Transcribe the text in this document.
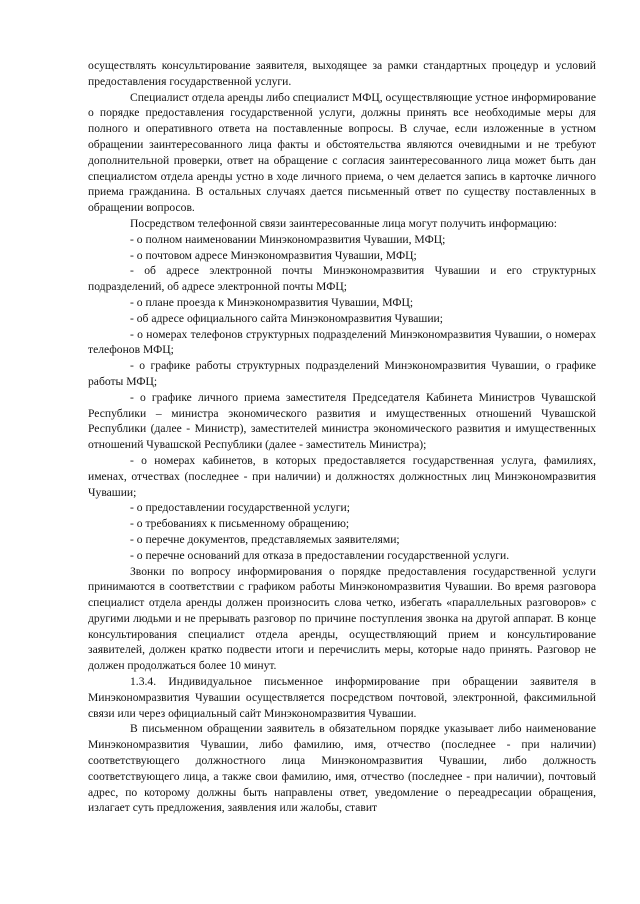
осуществлять консультирование заявителя, выходящее за рамки стандартных процедур и условий предоставления государственной услуги.

Специалист отдела аренды либо специалист МФЦ, осуществляющие устное информирование о порядке предоставления государственной услуги, должны принять все необходимые меры для полного и оперативного ответа на поставленные вопросы. В случае, если изложенные в устном обращении заинтересованного лица факты и обстоятельства являются очевидными и не требуют дополнительной проверки, ответ на обращение с согласия заинтересованного лица может быть дан специалистом отдела аренды устно в ходе личного приема, о чем делается запись в карточке личного приема гражданина. В остальных случаях дается письменный ответ по существу поставленных в обращении вопросов.

Посредством телефонной связи заинтересованные лица могут получить информацию:

- о полном наименовании Минэкономразвития Чувашии, МФЦ;

- о почтовом адресе Минэкономразвития Чувашии, МФЦ;

- об адресе электронной почты Минэкономразвития Чувашии и его структурных подразделений, об адресе электронной почты МФЦ;

- о плане проезда к Минэкономразвития Чувашии, МФЦ;

- об адресе официального сайта Минэкономразвития Чувашии;

- о номерах телефонов структурных подразделений Минэкономразвития Чувашии, о номерах телефонов МФЦ;

- о графике работы структурных подразделений Минэкономразвития Чувашии, о графике работы МФЦ;

- о графике личного приема заместителя Председателя Кабинета Министров Чувашской Республики – министра экономического развития и имущественных отношений Чувашской Республики (далее - Министр), заместителей министра экономического развития и имущественных отношений Чувашской Республики (далее - заместитель Министра);

- о номерах кабинетов, в которых предоставляется государственная услуга, фамилиях, именах, отчествах (последнее - при наличии) и должностях должностных лиц Минэкономразвития Чувашии;

- о предоставлении государственной услуги;

- о требованиях к письменному обращению;

- о перечне документов, представляемых заявителями;

- о перечне оснований для отказа в предоставлении государственной услуги.

Звонки по вопросу информирования о порядке предоставления государственной услуги принимаются в соответствии с графиком работы Минэкономразвития Чувашии. Во время разговора специалист отдела аренды должен произносить слова четко, избегать «параллельных разговоров» с другими людьми и не прерывать разговор по причине поступления звонка на другой аппарат. В конце консультирования специалист отдела аренды, осуществляющий прием и консультирование заявителей, должен кратко подвести итоги и перечислить меры, которые надо принять. Разговор не должен продолжаться более 10 минут.

1.3.4. Индивидуальное письменное информирование при обращении заявителя в Минэкономразвития Чувашии осуществляется посредством почтовой, электронной, факсимильной связи или через официальный сайт Минэкономразвития Чувашии.

В письменном обращении заявитель в обязательном порядке указывает либо наименование Минэкономразвития Чувашии, либо фамилию, имя, отчество (последнее - при наличии) соответствующего должностного лица Минэкономразвития Чувашии, либо должность соответствующего лица, а также свои фамилию, имя, отчество (последнее - при наличии), почтовый адрес, по которому должны быть направлены ответ, уведомление о переадресации обращения, излагает суть предложения, заявления или жалобы, ставит
